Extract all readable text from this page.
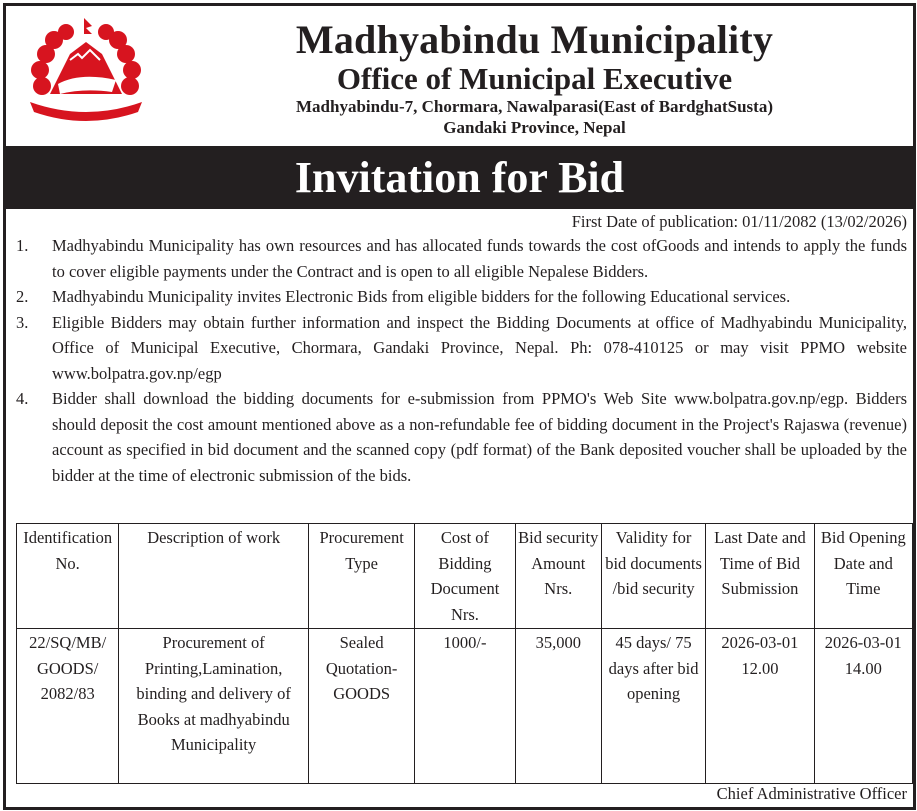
Madhyabindu Municipality
Office of Municipal Executive
Madhyabindu-7, Chormara, Nawalparasi(East of BardghatSusta)
Gandaki Province, Nepal
Invitation for Bid
First Date of publication: 01/11/2082 (13/02/2026)
1. Madhyabindu Municipality has own resources and has allocated funds towards the cost ofGoods and intends to apply the funds to cover eligible payments under the Contract and is open to all eligible Nepalese Bidders.
2. Madhyabindu Municipality invites Electronic Bids from eligible bidders for the following Educational services.
3. Eligible Bidders may obtain further information and inspect the Bidding Documents at office of Madhyabindu Municipality, Office of Municipal Executive, Chormara, Gandaki Province, Nepal. Ph: 078-410125 or may visit PPMO website www.bolpatra.gov.np/egp
4. Bidder shall download the bidding documents for e-submission from PPMO's Web Site www.bolpatra.gov.np/egp. Bidders should deposit the cost amount mentioned above as a non-refundable fee of bidding document in the Project's Rajaswa (revenue) account as specified in bid document and the scanned copy (pdf format) of the Bank deposited voucher shall be uploaded by the bidder at the time of electronic submission of the bids.
Identification No.	Description of work	Procurement Type	Cost of Bidding Document Nrs.	Bid security Amount Nrs.	Validity for bid documents /bid security	Last Date and Time of Bid Submission	Bid Opening Date and Time
22/SQ/MB/ GOODS/ 2082/83	Procurement of Printing,Lamination, binding and delivery of Books at madhyabindu Municipality	Sealed Quotation- GOODS	1000/-	35,000	45 days/ 75 days after bid opening	2026-03-01 12.00	2026-03-01 14.00
Chief Administrative Officer
